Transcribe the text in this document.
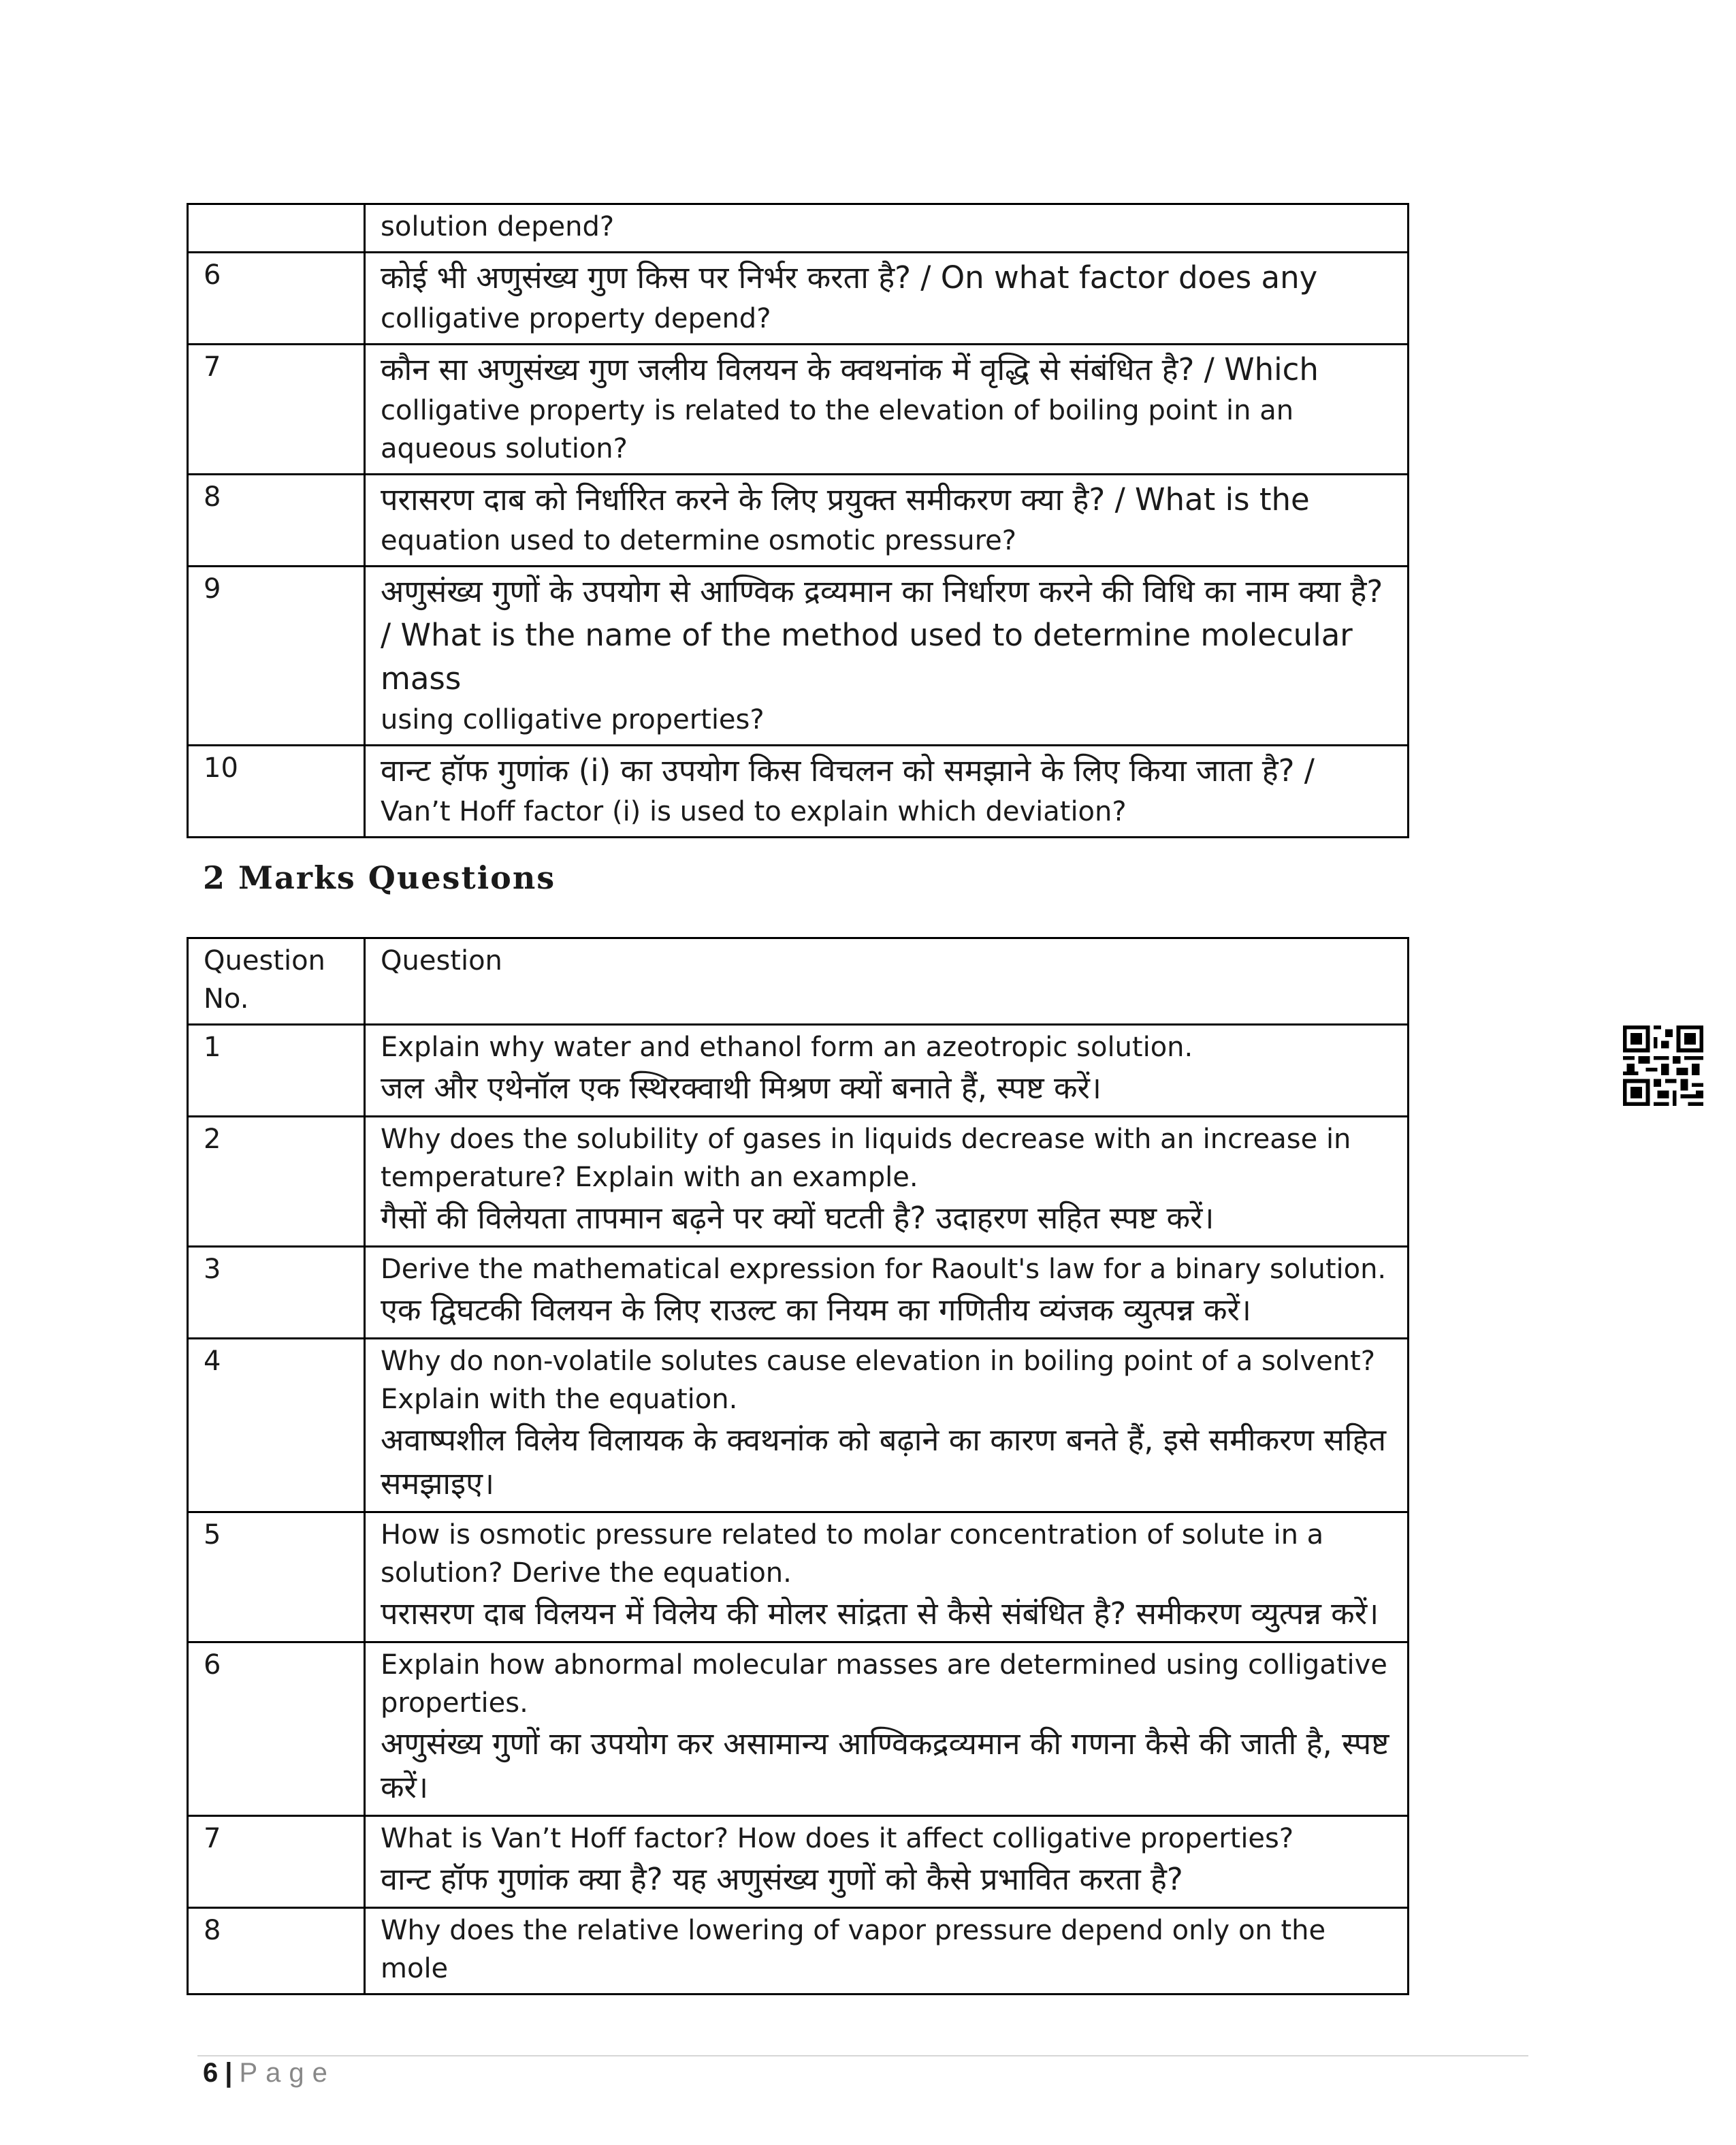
	solution depend?

6	कोई भी अणुसंख्य गुण किस पर निर्भर करता है? / On what factor does any
colligative property depend?

7	कौन सा अणुसंख्य गुण जलीय विलयन के क्वथनांक में वृद्धि से संबंधित है? / Which
colligative property is related to the elevation of boiling point in an aqueous solution?

8	परासरण दाब को निर्धारित करने के लिए प्रयुक्त समीकरण क्या है? / What is the
equation used to determine osmotic pressure?

9	अणुसंख्य गुणों के उपयोग से आण्विक द्रव्यमान का निर्धारण करने की विधि का नाम क्या है? / What is the name of the method used to determine molecular mass
using colligative properties?

10	वान्ट हॉफ गुणांक (i) का उपयोग किस विचलन को समझाने के लिए किया जाता है? /
Van’t Hoff factor (i) is used to explain which deviation?
2 Marks Questions
Question No.	Question
1	Explain why water and ethanol form an azeotropic solution.
जल और एथेनॉल एक स्थिरक्वाथी मिश्रण क्यों बनाते हैं, स्पष्ट करें।

2	Why does the solubility of gases in liquids decrease with an increase in temperature? Explain with an example.
गैसों की विलेयता तापमान बढ़ने पर क्यों घटती है? उदाहरण सहित स्पष्ट करें।

3	Derive the mathematical expression for Raoult's law for a binary solution.
एक द्विघटकी विलयन के लिए राउल्ट का नियम का गणितीय व्यंजक व्युत्पन्न करें।

4	Why do non-volatile solutes cause elevation in boiling point of a solvent? Explain with the equation.
अवाष्पशील विलेय विलायक के क्वथनांक को बढ़ाने का कारण बनते हैं, इसे समीकरण सहित समझाइए।

5	How is osmotic pressure related to molar concentration of solute in a solution? Derive the equation.
परासरण दाब विलयन में विलेय की मोलर सांद्रता से कैसे संबंधित है? समीकरण व्युत्पन्न करें।

6	Explain how abnormal molecular masses are determined using colligative properties.
अणुसंख्य गुणों का उपयोग कर असामान्य आण्विकद्रव्यमान की गणना कैसे की जाती है, स्पष्ट करें।

7	What is Van’t Hoff factor? How does it affect colligative properties?
वान्ट हॉफ गुणांक क्या है? यह अणुसंख्य गुणों को कैसे प्रभावित करता है?

8	Why does the relative lowering of vapor pressure depend only on the mole
6 | Page
